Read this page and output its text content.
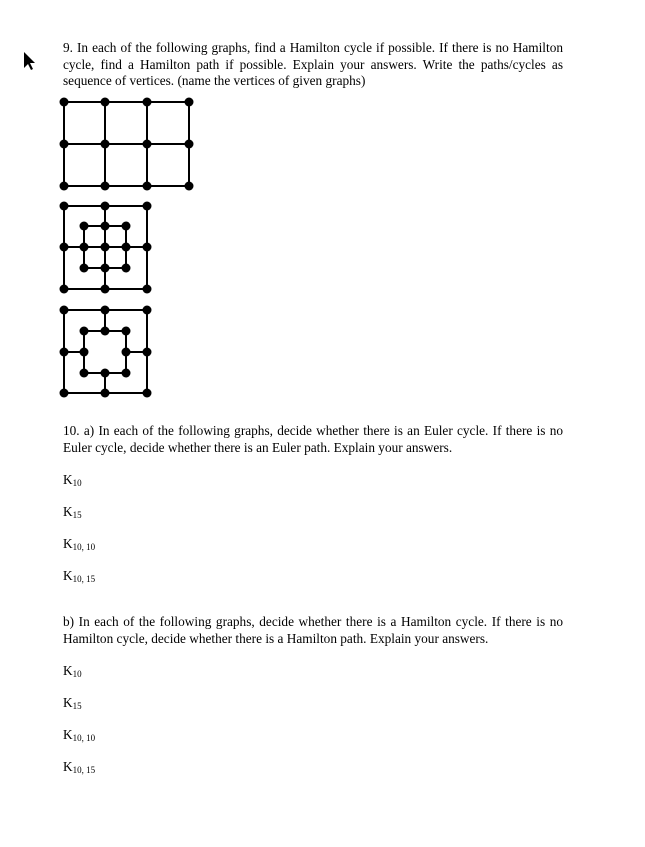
9. In each of the following graphs, find a Hamilton cycle if possible. If there is no Hamilton cycle, find a Hamilton path if possible. Explain your answers. Write the paths/cycles as sequence of vertices. (name the vertices of given graphs)

10. a) In each of the following graphs, decide whether there is an Euler cycle. If there is no Euler cycle, decide whether there is an Euler path. Explain your answers.

$K_{10}$
$K_{15}$
$K_{10, 10}$
$K_{10, 15}$

b) In each of the following graphs, decide whether there is a Hamilton cycle. If there is no Hamilton cycle, decide whether there is a Hamilton path. Explain your answers.

$K_{10}$
$K_{15}$
$K_{10, 10}$
$K_{10, 15}$
